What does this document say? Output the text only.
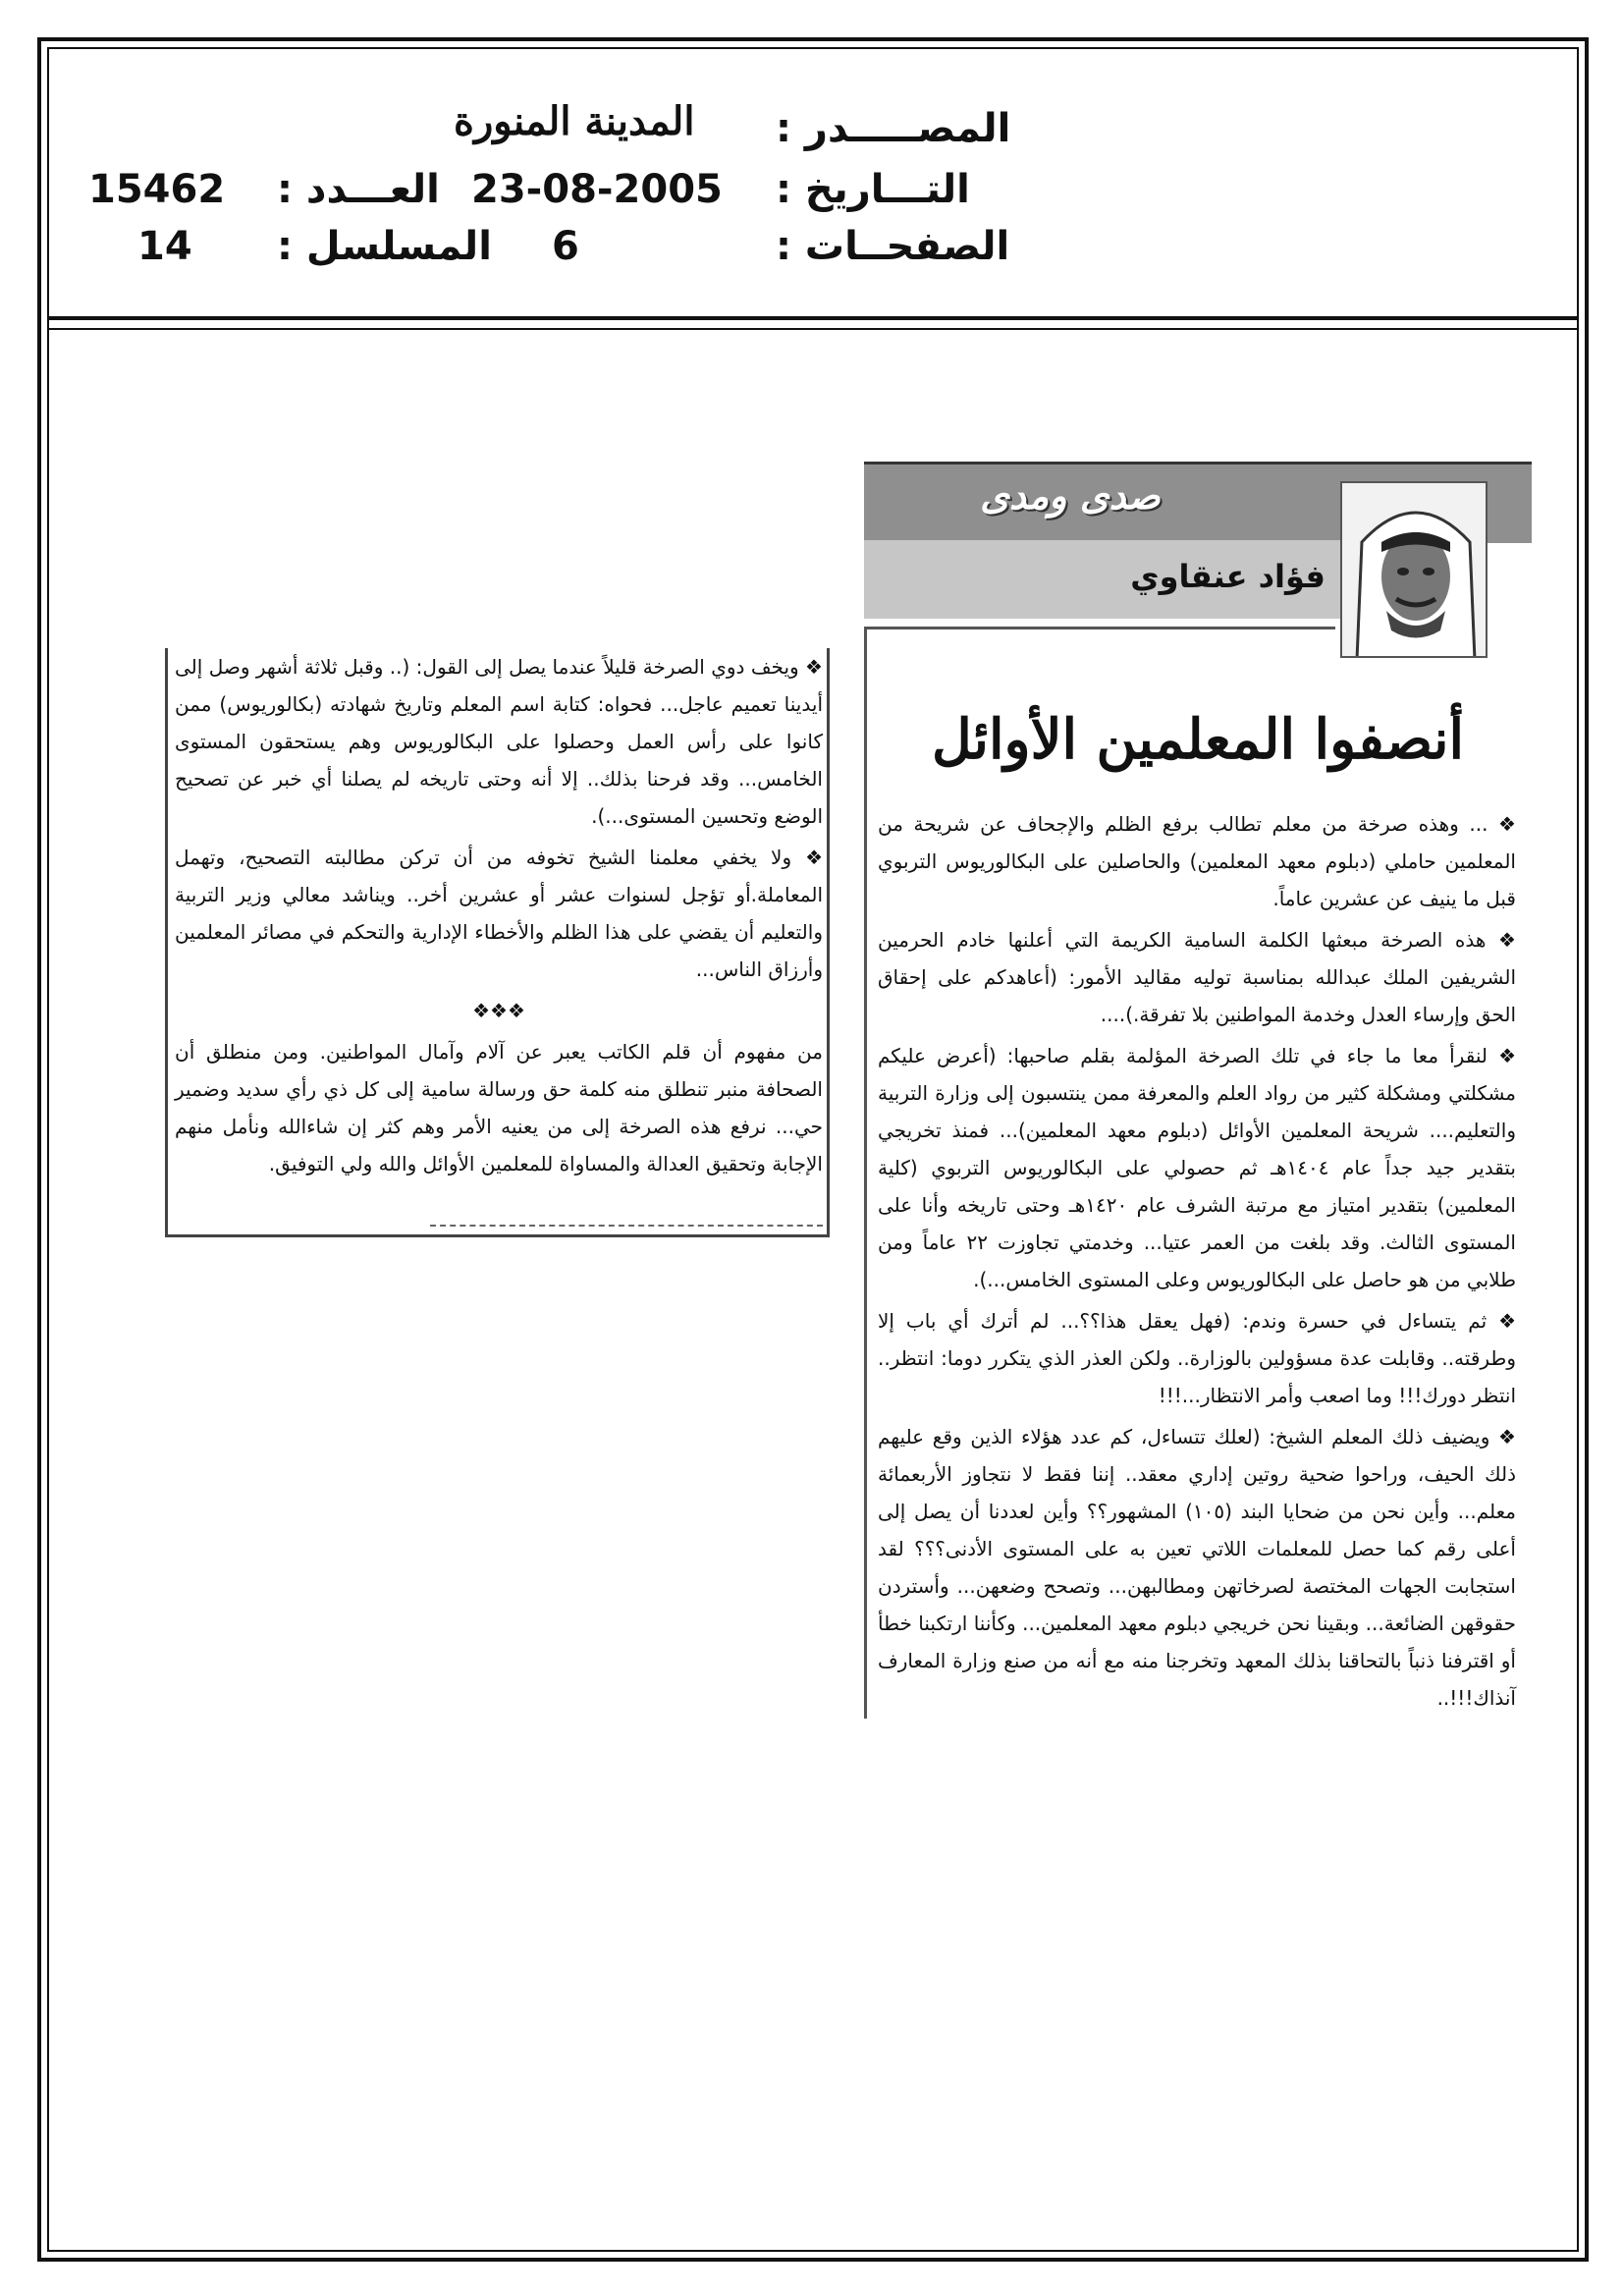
المصـــــدر :
المدينة المنورة
التـــاريخ :
23-08-2005
العـــدد :
15462
الصفحــات :
6
المسلسل :
14
صدى ومدى
فؤاد عنقاوي
أنصفوا المعلمين الأوائل

❖ ... وهذه صرخة من معلم تطالب برفع الظلم والإجحاف عن شريحة من المعلمين حاملي (دبلوم معهد المعلمين) والحاصلين على البكالوريوس التربوي قبل ما ينيف عن عشرين عاماً.

❖ هذه الصرخة مبعثها الكلمة السامية الكريمة التي أعلنها خادم الحرمين الشريفين الملك عبدالله بمناسبة توليه مقاليد الأمور: (أعاهدكم على إحقاق الحق وإرساء العدل وخدمة المواطنين بلا تفرقة.)....

❖ لنقرأ معا ما جاء في تلك الصرخة المؤلمة بقلم صاحبها: (أعرض عليكم مشكلتي ومشكلة كثير من رواد العلم والمعرفة ممن ينتسبون إلى وزارة التربية والتعليم.... شريحة المعلمين الأوائل (دبلوم معهد المعلمين)... فمنذ تخريجي بتقدير جيد جداً عام ١٤٠٤هـ ثم حصولي على البكالوريوس التربوي (كلية المعلمين) بتقدير امتياز مع مرتبة الشرف عام ١٤٢٠هـ وحتى تاريخه وأنا على المستوى الثالث. وقد بلغت من العمر عتيا... وخدمتي تجاوزت ٢٢ عاماً ومن طلابي من هو حاصل على البكالوريوس وعلى المستوى الخامس...).

❖ ثم يتساءل في حسرة وندم: (فهل يعقل هذا؟؟... لم أترك أي باب إلا وطرقته.. وقابلت عدة مسؤولين بالوزارة.. ولكن العذر الذي يتكرر دوما: انتظر.. انتظر دورك!!! وما اصعب وأمر الانتظار...!!!

❖ ويضيف ذلك المعلم الشيخ: (لعلك تتساءل، كم عدد هؤلاء الذين وقع عليهم ذلك الحيف، وراحوا ضحية روتين إداري معقد.. إننا فقط لا نتجاوز الأربعمائة معلم... وأين نحن من ضحايا البند (١٠٥) المشهور؟؟ وأين لعددنا أن يصل إلى أعلى رقم كما حصل للمعلمات اللاتي تعين به على المستوى الأدنى؟؟؟ لقد استجابت الجهات المختصة لصرخاتهن ومطالبهن... وتصحح وضعهن... وأستردن حقوقهن الضائعة... وبقينا نحن خريجي دبلوم معهد المعلمين... وكأننا ارتكبنا خطأ أو اقترفنا ذنباً بالتحاقنا بذلك المعهد وتخرجنا منه مع أنه من صنع وزارة المعارف آنذاك!!!..

❖ ويخف دوي الصرخة قليلاً عندما يصل إلى القول: (.. وقبل ثلاثة أشهر وصل إلى أيدينا تعميم عاجل... فحواه: كتابة اسم المعلم وتاريخ شهادته (بكالوريوس) ممن كانوا على رأس العمل وحصلوا على البكالوريوس وهم يستحقون المستوى الخامس... وقد فرحنا بذلك.. إلا أنه وحتى تاريخه لم يصلنا أي خبر عن تصحيح الوضع وتحسين المستوى...).

❖ ولا يخفي معلمنا الشيخ تخوفه من أن تركن مطالبته التصحيح، وتهمل المعاملة.أو تؤجل لسنوات عشر أو عشرين أخر.. ويناشد معالي وزير التربية والتعليم أن يقضي على هذا الظلم والأخطاء الإدارية والتحكم في مصائر المعلمين وأرزاق الناس...

❖❖❖

من مفهوم أن قلم الكاتب يعبر عن آلام وآمال المواطنين. ومن منطلق أن الصحافة منبر تنطلق منه كلمة حق ورسالة سامية إلى كل ذي رأي سديد وضمير حي... نرفع هذه الصرخة إلى من يعنيه الأمر وهم كثر إن شاءالله ونأمل منهم الإجابة وتحقيق العدالة والمساواة للمعلمين الأوائل والله ولي التوفيق.
